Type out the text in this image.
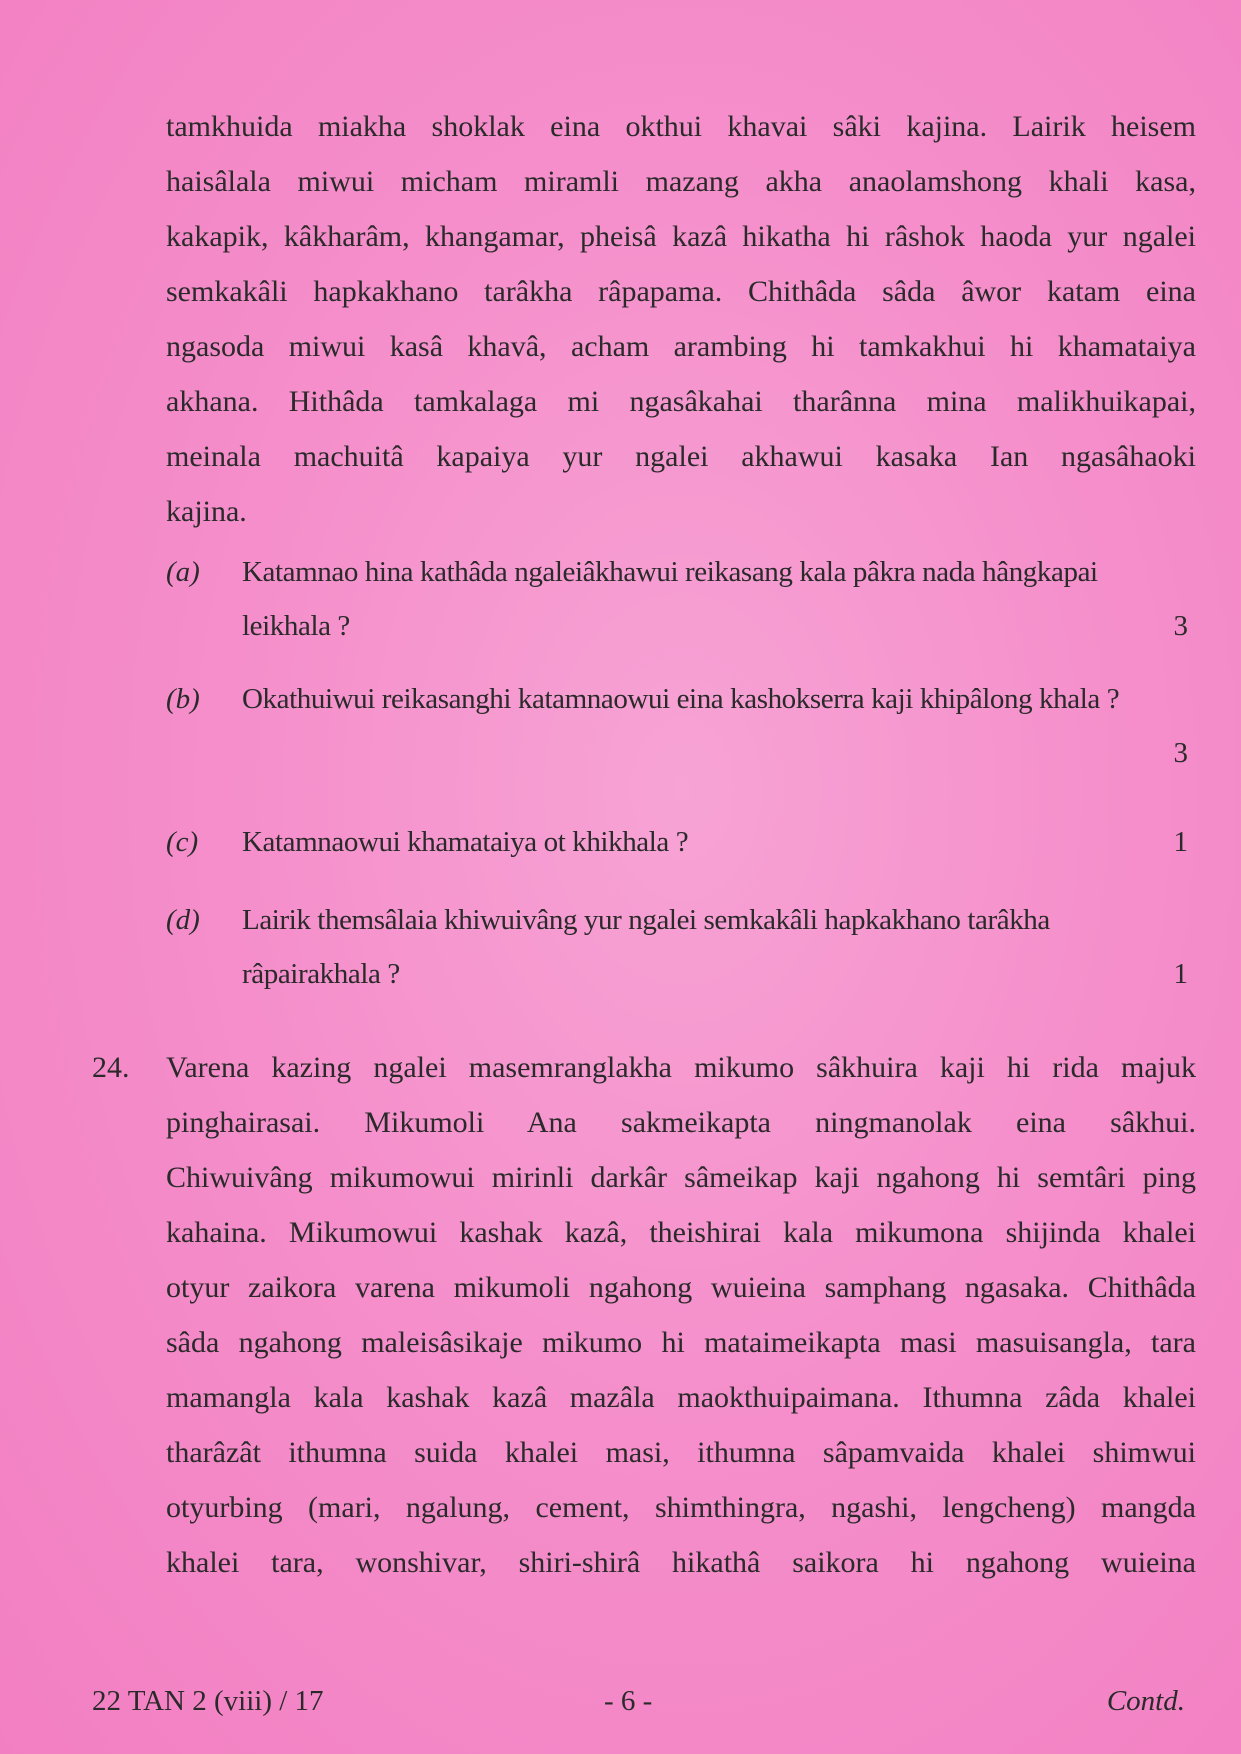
tamkhuida miakha shoklak eina okthui khavai sâki kajina. Lairik heisem
haisâlala miwui micham miramli mazang akha anaolamshong khali kasa,
kakapik, kâkharâm, khangamar, pheisâ kazâ hikatha hi râshok haoda yur ngalei
semkakâli hapkakhano tarâkha râpapama. Chithâda sâda âwor katam eina
ngasoda miwui kasâ khavâ, acham arambing hi tamkakhui hi khamataiya
akhana. Hithâda tamkalaga mi ngasâkahai tharânna mina malikhuikapai,
meinala machuitâ kapaiya yur ngalei akhawui kasaka Ian ngasâhaoki
kajina.
(a) Katamnao hina kathâda ngaleiâkhawui reikasang kala pâkra nada hângkapai
leikhala ?	3
(b) Okathuiwui reikasanghi katamnaowui eina kashokserra kaji khipâlong khala ?
3
(c) Katamnaowui khamataiya ot khikhala ?	1
(d) Lairik themsâlaia khiwuivâng yur ngalei semkakâli hapkakhano tarâkha
râpairakhala ?	1
24. Varena kazing ngalei masemranglakha mikumo sâkhuira kaji hi rida majuk
pinghairasai. Mikumoli Ana sakmeikapta ningmanolak eina sâkhui.
Chiwuivâng mikumowui mirinli darkâr sâmeikap kaji ngahong hi semtâri ping
kahaina. Mikumowui kashak kazâ, theishirai kala mikumona shijinda khalei
otyur zaikora varena mikumoli ngahong wuieina samphang ngasaka. Chithâda
sâda ngahong maleisâsikaje mikumo hi mataimeikapta masi masuisangla, tara
mamangla kala kashak kazâ mazâla maokthuipaimana. Ithumna zâda khalei
tharâzât ithumna suida khalei masi, ithumna sâpamvaida khalei shimwui
otyurbing (mari, ngalung, cement, shimthingra, ngashi, lengcheng) mangda
khalei tara, wonshivar, shiri-shirâ hikathâ saikora hi ngahong wuieina
22 TAN 2 (viii) / 17	- 6 -	Contd.
